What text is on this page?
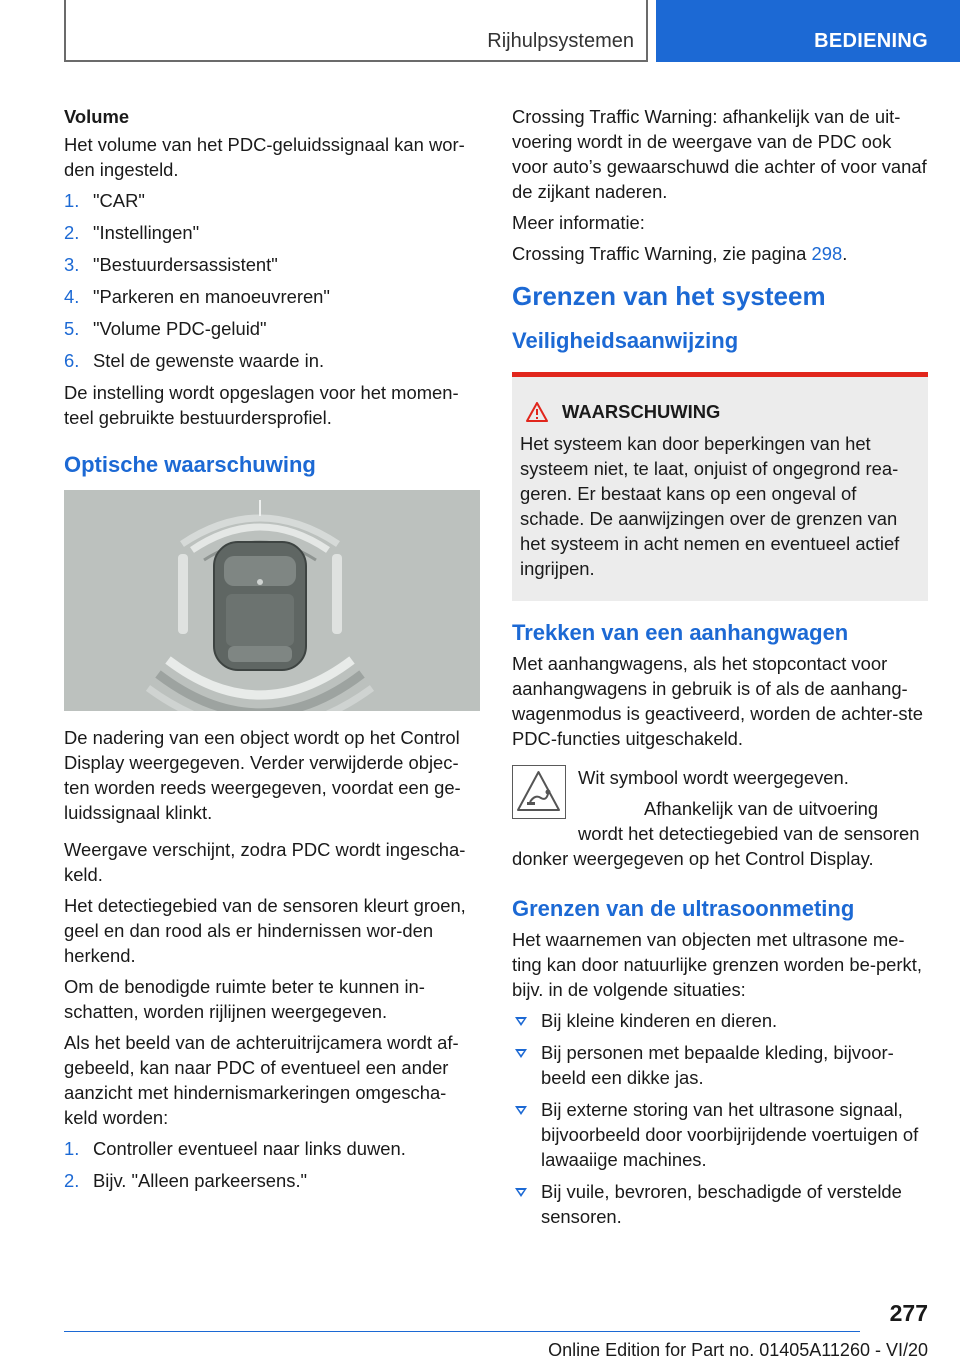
Rijhulpsystemen	BEDIENING
Volume

Het volume van het PDC-geluidssignaal kan wor-den ingesteld.

1. "CAR"
2. "Instellingen"
3. "Bestuurdersassistent"
4. "Parkeren en manoeuvreren"
5. "Volume PDC-geluid"
6. Stel de gewenste waarde in.

De instelling wordt opgeslagen voor het momen-teel gebruikte bestuurdersprofiel.

Optische waarschuwing

De nadering van een object wordt op het Control Display weergegeven. Verder verwijderde objec-ten worden reeds weergegeven, voordat een ge-luidssignaal klinkt.

Weergave verschijnt, zodra PDC wordt ingescha-keld.

Het detectiegebied van de sensoren kleurt groen, geel en dan rood als er hindernissen wor-den herkend.

Om de benodigde ruimte beter te kunnen in-schatten, worden rijlijnen weergegeven.

Als het beeld van de achteruitrijcamera wordt af-gebeeld, kan naar PDC of eventueel een ander aanzicht met hindernismarkeringen omgescha-keld worden:

1. Controller eventueel naar links duwen.
2. Bijv. "Alleen parkeersens."

Crossing Traffic Warning: afhankelijk van de uit-voering wordt in de weergave van de PDC ook voor auto’s gewaarschuwd die achter of voor vanaf de zijkant naderen.

Meer informatie:

Crossing Traffic Warning, zie pagina 298.

Grenzen van het systeem
Veiligheidsaanwijzing
WAARSCHUWING
Het systeem kan door beperkingen van het systeem niet, te laat, onjuist of ongegrond rea-geren. Er bestaat kans op een ongeval of schade. De aanwijzingen over de grenzen van het systeem in acht nemen en eventueel actief ingrijpen.
Trekken van een aanhangwagen

Met aanhangwagens, als het stopcontact voor aanhangwagens in gebruik is of als de aanhang-wagenmodus is geactiveerd, worden de achter-ste PDC-functies uitgeschakeld.

Wit symbool wordt weergegeven.

Afhankelijk van de uitvoering wordt het detectiegebied van de sensoren donker weergegeven op het Control Display.

Grenzen van de ultrasoonmeting

Het waarnemen van objecten met ultrasone me-ting kan door natuurlijke grenzen worden be-perkt, bijv. in de volgende situaties:

Bij kleine kinderen en dieren.
Bij personen met bepaalde kleding, bijvoor-beeld een dikke jas.
Bij externe storing van het ultrasone signaal, bijvoorbeeld door voorbijrijdende voertuigen of lawaaiige machines.
Bij vuile, bevroren, beschadigde of verstelde sensoren.
277
Online Edition for Part no. 01405A11260 - VI/20
